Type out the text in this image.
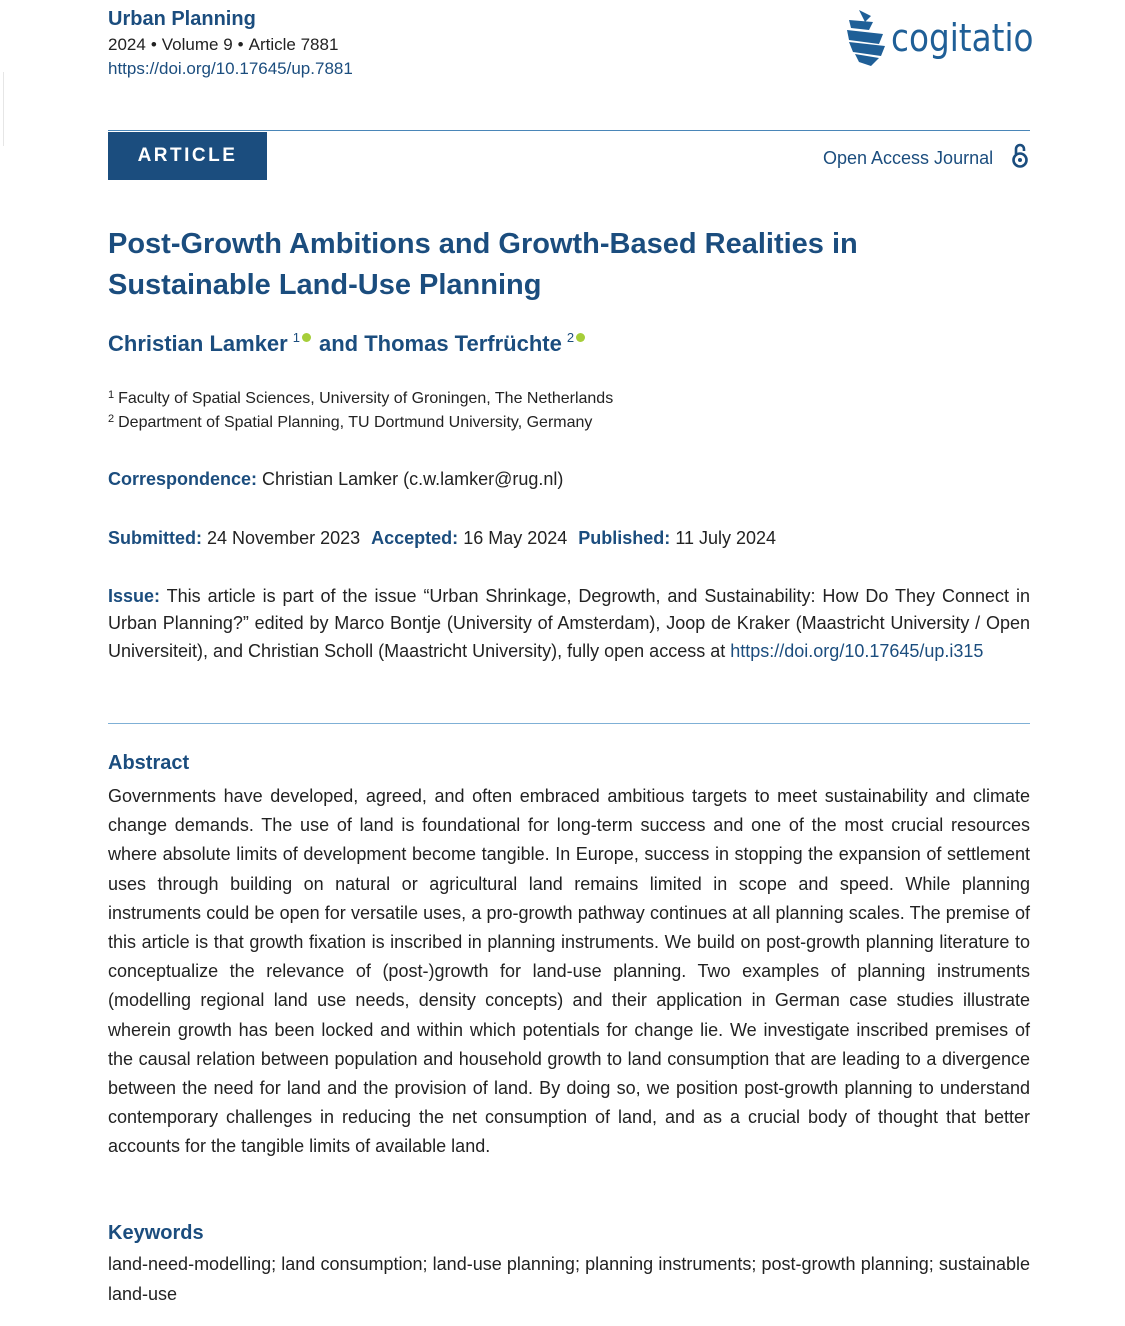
Urban Planning
2024 • Volume 9 • Article 7881
https://doi.org/10.17645/up.7881
cogitatio
ARTICLE	Open Access Journal
Post-Growth Ambitions and Growth-Based Realities in Sustainable Land-Use Planning
Christian Lamker $^1$ and Thomas Terfrüchte $^2$
$^1$ Faculty of Spatial Sciences, University of Groningen, The Netherlands
$^2$ Department of Spatial Planning, TU Dortmund University, Germany
Correspondence: Christian Lamker (c.w.lamker@rug.nl)
Submitted: 24 November 2023 Accepted: 16 May 2024 Published: 11 July 2024

Issue: This article is part of the issue “Urban Shrinkage, Degrowth, and Sustainability: How Do They Connect in Urban Planning?” edited by Marco Bontje (University of Amsterdam), Joop de Kraker (Maastricht University / Open Universiteit), and Christian Scholl (Maastricht University), fully open access at https://doi.org/10.17645/up.i315

Abstract

Governments have developed, agreed, and often embraced ambitious targets to meet sustainability and climate change demands. The use of land is foundational for long-term success and one of the most crucial resources where absolute limits of development become tangible. In Europe, success in stopping the expansion of settlement uses through building on natural or agricultural land remains limited in scope and speed. While planning instruments could be open for versatile uses, a pro-growth pathway continues at all planning scales. The premise of this article is that growth fixation is inscribed in planning instruments. We build on post-growth planning literature to conceptualize the relevance of (post-)growth for land-use planning. Two examples of planning instruments (modelling regional land use needs, density concepts) and their application in German case studies illustrate wherein growth has been locked and within which potentials for change lie. We investigate inscribed premises of the causal relation between population and household growth to land consumption that are leading to a divergence between the need for land and the provision of land. By doing so, we position post-growth planning to understand contemporary challenges in reducing the net consumption of land, and as a crucial body of thought that better accounts for the tangible limits of available land.

Keywords

land-need-modelling; land consumption; land-use planning; planning instruments; post-growth planning; sustainable land-use
